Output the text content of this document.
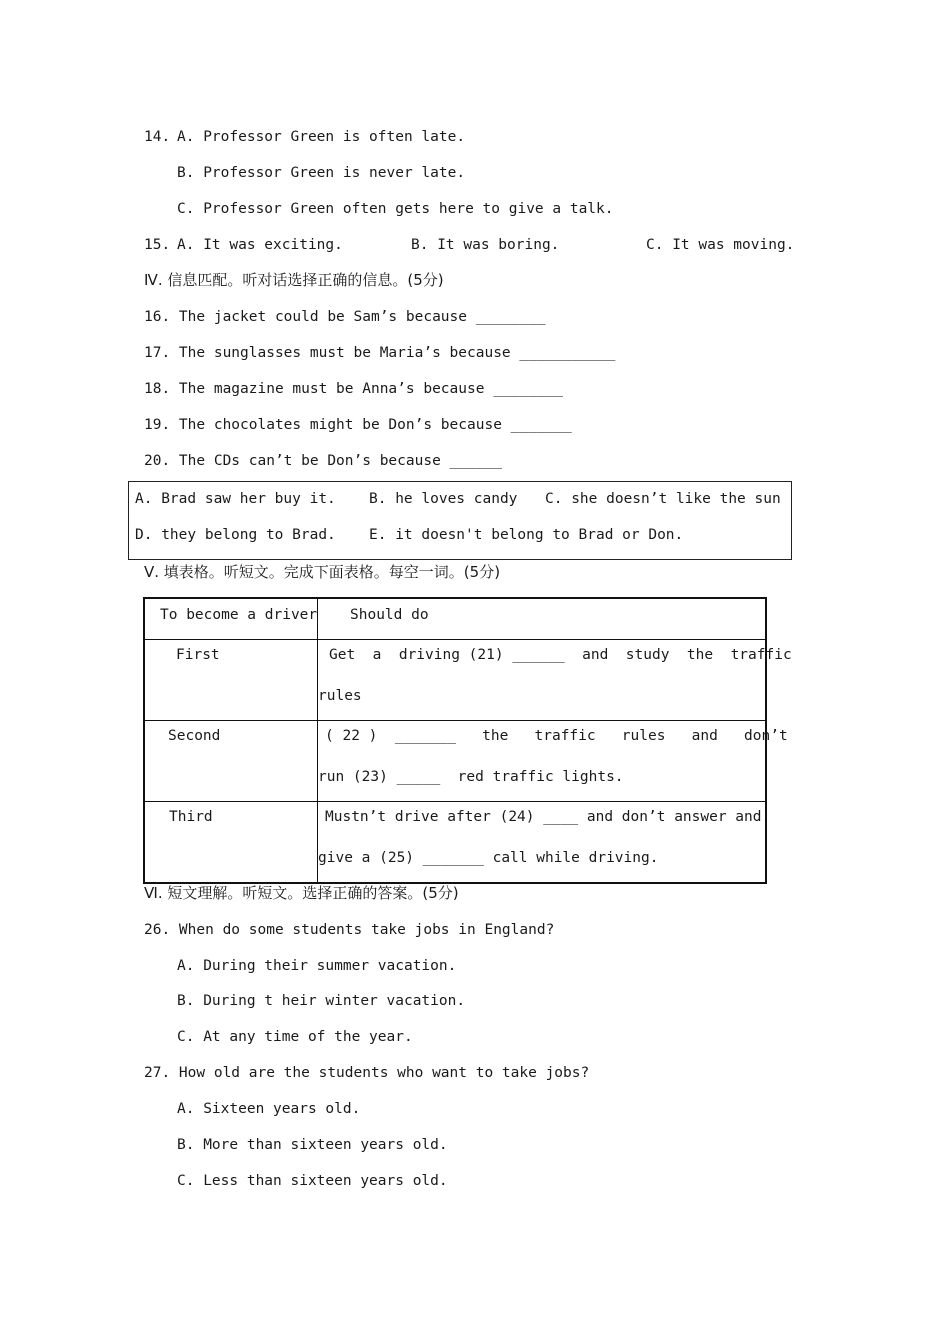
14. A. Professor Green is often late.
B. Professor Green is never late.
C. Professor Green often gets here to give a talk.
15. A. It was exciting.	B. It was boring.	C. It was moving.
Ⅳ. 信息匹配。听对话选择正确的信息。(5分)
16. The jacket could be Sam’s because ________
17. The sunglasses must be Maria’s because ___________
18. The magazine must be Anna’s because ________
19. The chocolates might be Don’s because _______
20. The CDs can’t be Don’s because ______
A. Brad saw her buy it. B. he loves candy C. she doesn’t like the sun
D. they belong to Brad. E. it doesn't belong to Brad or Don.
Ⅴ. 填表格。听短文。完成下面表格。每空一词。(5分)
To become a driver	Should do

First	Get  a  driving (21) ______  and  study  the  traffic
rules

Second	( 22 )  _______   the   traffic   rules   and   don’t
run (23) _____  red traffic lights.

Third	Mustn’t drive after (24) ____ and don’t answer and
give a (25) _______ call while driving.
Ⅵ. 短文理解。听短文。选择正确的答案。(5分)
26. When do some students take jobs in England?
A. During their summer vacation.
B. During t heir winter vacation.
C. At any time of the year.
27. How old are the students who want to take jobs?
A. Sixteen years old.
B. More than sixteen years old.
C. Less than sixteen years old.
